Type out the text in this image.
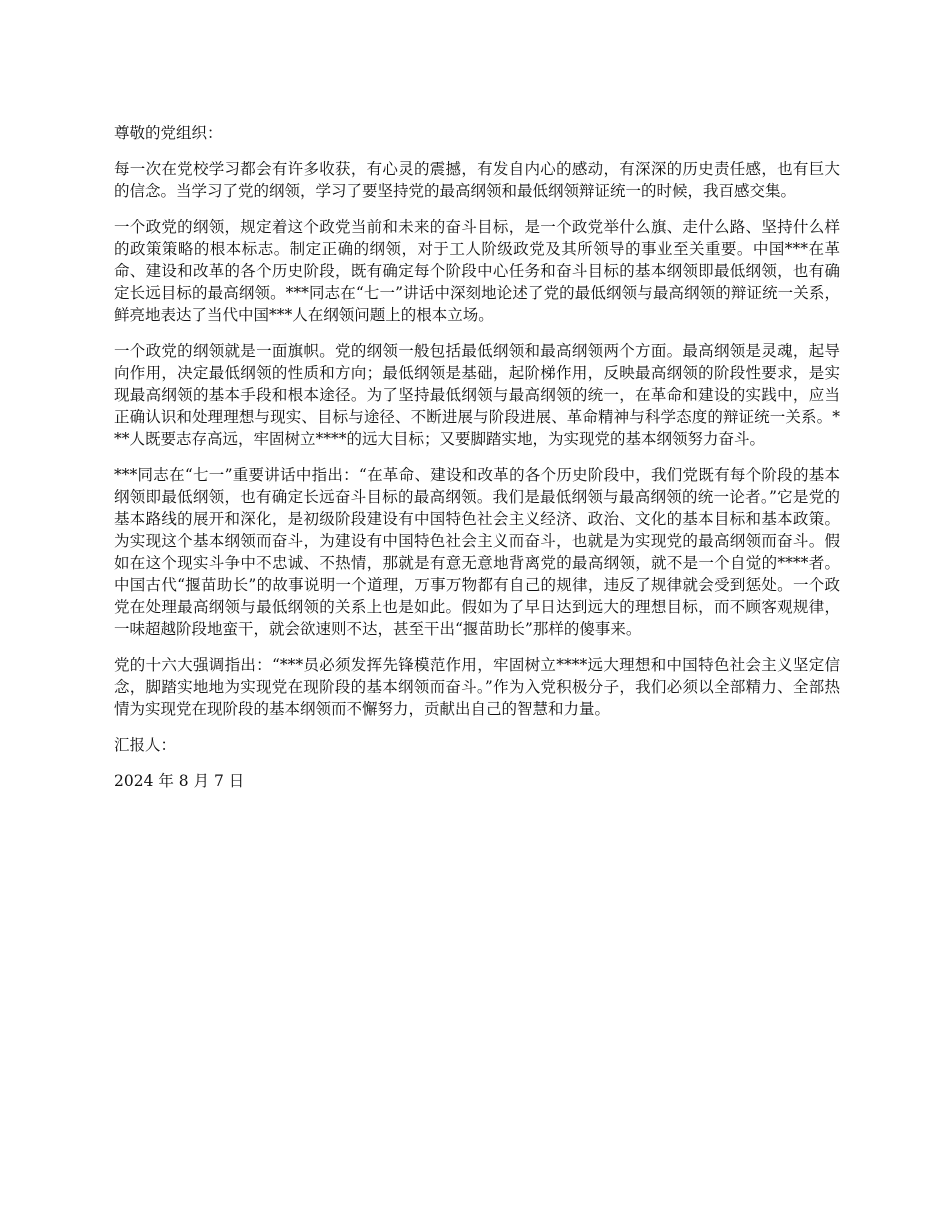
尊敬的党组织：

每一次在党校学习都会有许多收获，有心灵的震撼，有发自内心的感动，有深深的历史责任感，也有巨大的信念。当学习了党的纲领，学习了要坚持党的最高纲领和最低纲领辩证统一的时候，我百感交集。

一个政党的纲领，规定着这个政党当前和未来的奋斗目标，是一个政党举什么旗、走什么路、坚持什么样的政策策略的根本标志。制定正确的纲领，对于工人阶级政党及其所领导的事业至关重要。中国***在革命、建设和改革的各个历史阶段，既有确定每个阶段中心任务和奋斗目标的基本纲领即最低纲领，也有确定长远目标的最高纲领。***同志在“七一”讲话中深刻地论述了党的最低纲领与最高纲领的辩证统一关系，鲜亮地表达了当代中国***人在纲领问题上的根本立场。

一个政党的纲领就是一面旗帜。党的纲领一般包括最低纲领和最高纲领两个方面。最高纲领是灵魂，起导向作用，决定最低纲领的性质和方向；最低纲领是基础，起阶梯作用，反映最高纲领的阶段性要求，是实现最高纲领的基本手段和根本途径。为了坚持最低纲领与最高纲领的统一，在革命和建设的实践中，应当正确认识和处理理想与现实、目标与途径、不断进展与阶段进展、革命精神与科学态度的辩证统一关系。***人既要志存高远，牢固树立****的远大目标；又要脚踏实地，为实现党的基本纲领努力奋斗。

***同志在“七一”重要讲话中指出：“在革命、建设和改革的各个历史阶段中，我们党既有每个阶段的基本纲领即最低纲领，也有确定长远奋斗目标的最高纲领。我们是最低纲领与最高纲领的统一论者。”它是党的基本路线的展开和深化，是初级阶段建设有中国特色社会主义经济、政治、文化的基本目标和基本政策。为实现这个基本纲领而奋斗，为建设有中国特色社会主义而奋斗，也就是为实现党的最高纲领而奋斗。假如在这个现实斗争中不忠诚、不热情，那就是有意无意地背离党的最高纲领，就不是一个自觉的****者。 中国古代“揠苗助长”的故事说明一个道理，万事万物都有自己的规律，违反了规律就会受到惩处。一个政党在处理最高纲领与最低纲领的关系上也是如此。假如为了早日达到远大的理想目标，而不顾客观规律，一味超越阶段地蛮干，就会欲速则不达，甚至干出“揠苗助长”那样的傻事来。

党的十六大强调指出：“***员必须发挥先锋模范作用，牢固树立****远大理想和中国特色社会主义坚定信念，脚踏实地地为实现党在现阶段的基本纲领而奋斗。”作为入党积极分子，我们必须以全部精力、全部热情为实现党在现阶段的基本纲领而不懈努力，贡献出自己的智慧和力量。

汇报人：

2024 年 8 月 7 日
